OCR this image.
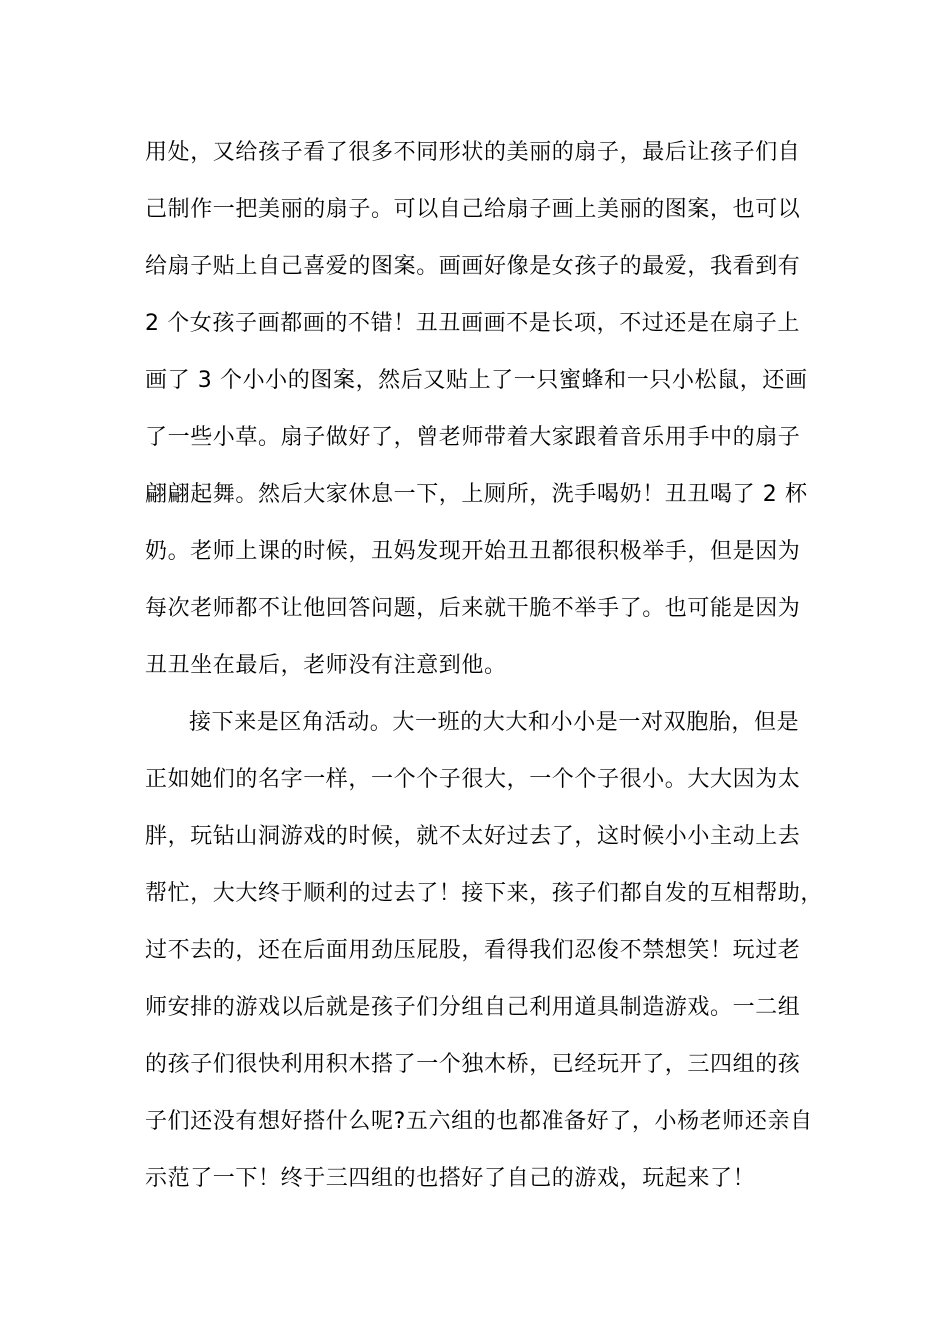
用处，又给孩子看了很多不同形状的美丽的扇子，最后让孩子们自
己制作一把美丽的扇子。可以自己给扇子画上美丽的图案，也可以
给扇子贴上自己喜爱的图案。画画好像是女孩子的最爱，我看到有
2 个女孩子画都画的不错！丑丑画画不是长项，不过还是在扇子上
画了 3 个小小的图案，然后又贴上了一只蜜蜂和一只小松鼠，还画
了一些小草。扇子做好了，曾老师带着大家跟着音乐用手中的扇子
翩翩起舞。然后大家休息一下，上厕所，洗手喝奶！丑丑喝了 2 杯
奶。老师上课的时候，丑妈发现开始丑丑都很积极举手，但是因为
每次老师都不让他回答问题，后来就干脆不举手了。也可能是因为
丑丑坐在最后，老师没有注意到他。
接下来是区角活动。大一班的大大和小小是一对双胞胎，但是
正如她们的名字一样，一个个子很大，一个个子很小。大大因为太
胖，玩钻山洞游戏的时候，就不太好过去了，这时候小小主动上去
帮忙，大大终于顺利的过去了！接下来，孩子们都自发的互相帮助，
过不去的，还在后面用劲压屁股，看得我们忍俊不禁想笑！玩过老
师安排的游戏以后就是孩子们分组自己利用道具制造游戏。一二组
的孩子们很快利用积木搭了一个独木桥，已经玩开了，三四组的孩
子们还没有想好搭什么呢?五六组的也都准备好了，小杨老师还亲自
示范了一下！终于三四组的也搭好了自己的游戏，玩起来了！
